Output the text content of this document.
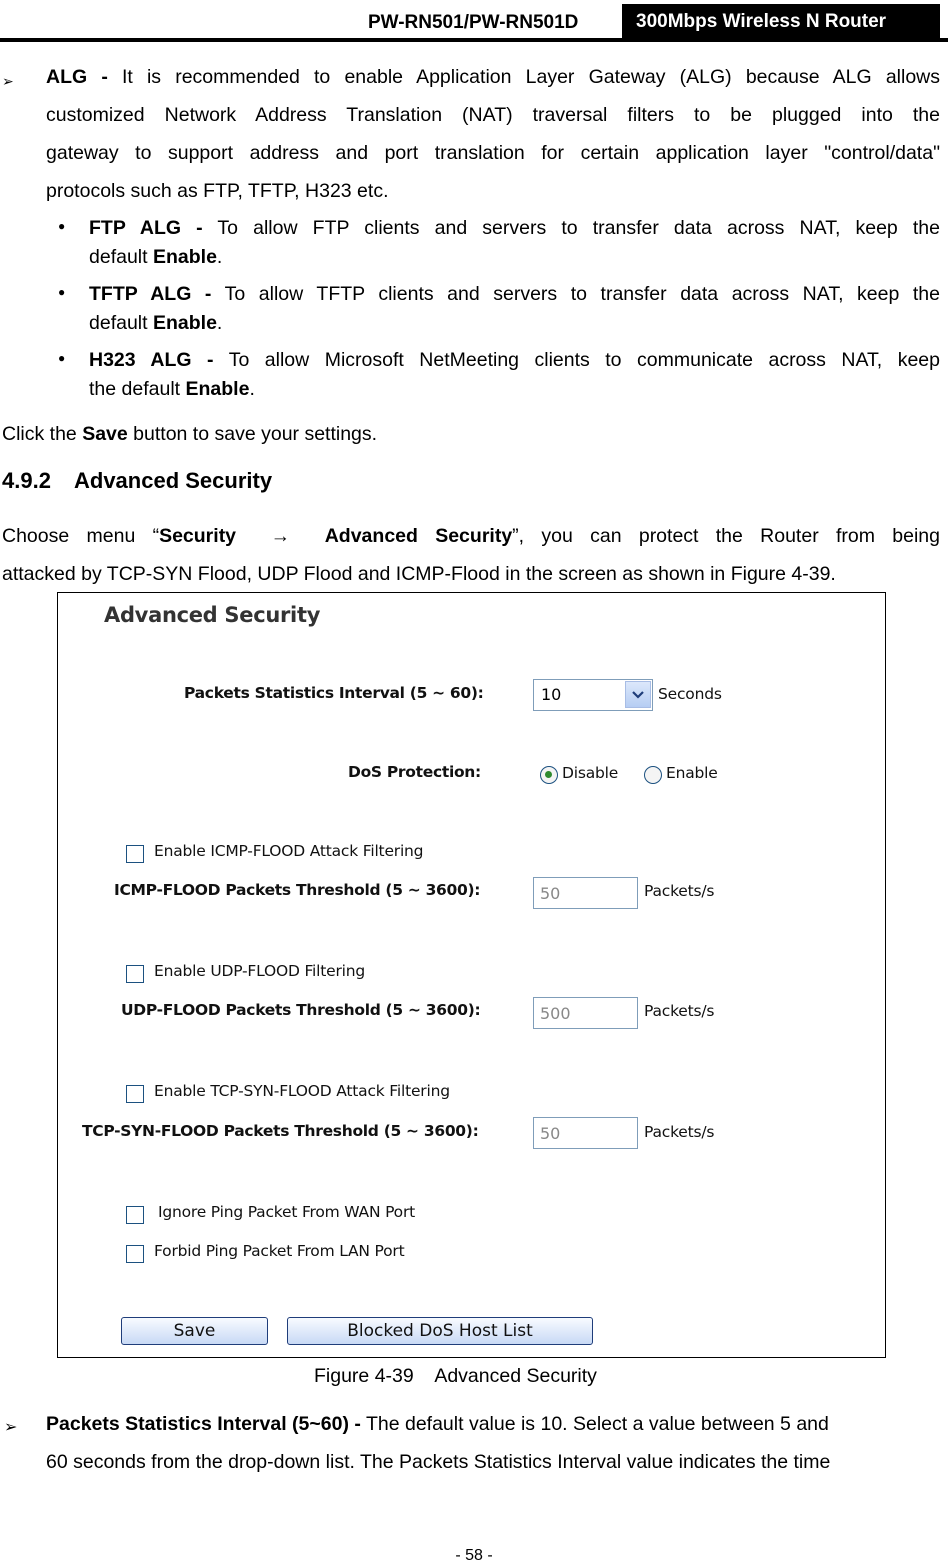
PW-RN501/PW-RN501D	300Mbps Wireless N Router
➢ ALG - It is recommended to enable Application Layer Gateway (ALG) because ALG allows
customized Network Address Translation (NAT) traversal filters to be plugged into the
gateway to support address and port translation for certain application layer "control/data"
protocols such as FTP, TFTP, H323 etc.
● FTP ALG - To allow FTP clients and servers to transfer data across NAT, keep the
default Enable.
● TFTP ALG - To allow TFTP clients and servers to transfer data across NAT, keep the
default Enable.
● H323 ALG - To allow Microsoft NetMeeting clients to communicate across NAT, keep
the default Enable.
Click the Save button to save your settings.
4.9.2 Advanced Security
Choose menu “Security → Advanced Security”, you can protect the Router from being
attacked by TCP-SYN Flood, UDP Flood and ICMP-Flood in the screen as shown in Figure 4-39.
Advanced Security
Packets Statistics Interval (5 ~ 60):	10	Seconds
DoS Protection:	Disable	Enable
Enable ICMP-FLOOD Attack Filtering
ICMP-FLOOD Packets Threshold (5 ~ 3600):	50	Packets/s
Enable UDP-FLOOD Filtering
UDP-FLOOD Packets Threshold (5 ~ 3600):	500	Packets/s
Enable TCP-SYN-FLOOD Attack Filtering
TCP-SYN-FLOOD Packets Threshold (5 ~ 3600):	50	Packets/s
Ignore Ping Packet From WAN Port
Forbid Ping Packet From LAN Port
Save	Blocked DoS Host List
Figure 4-39    Advanced Security
➢ Packets Statistics Interval (5~60) - The default value is 10. Select a value between 5 and
60 seconds from the drop-down list. The Packets Statistics Interval value indicates the time
- 58 -
